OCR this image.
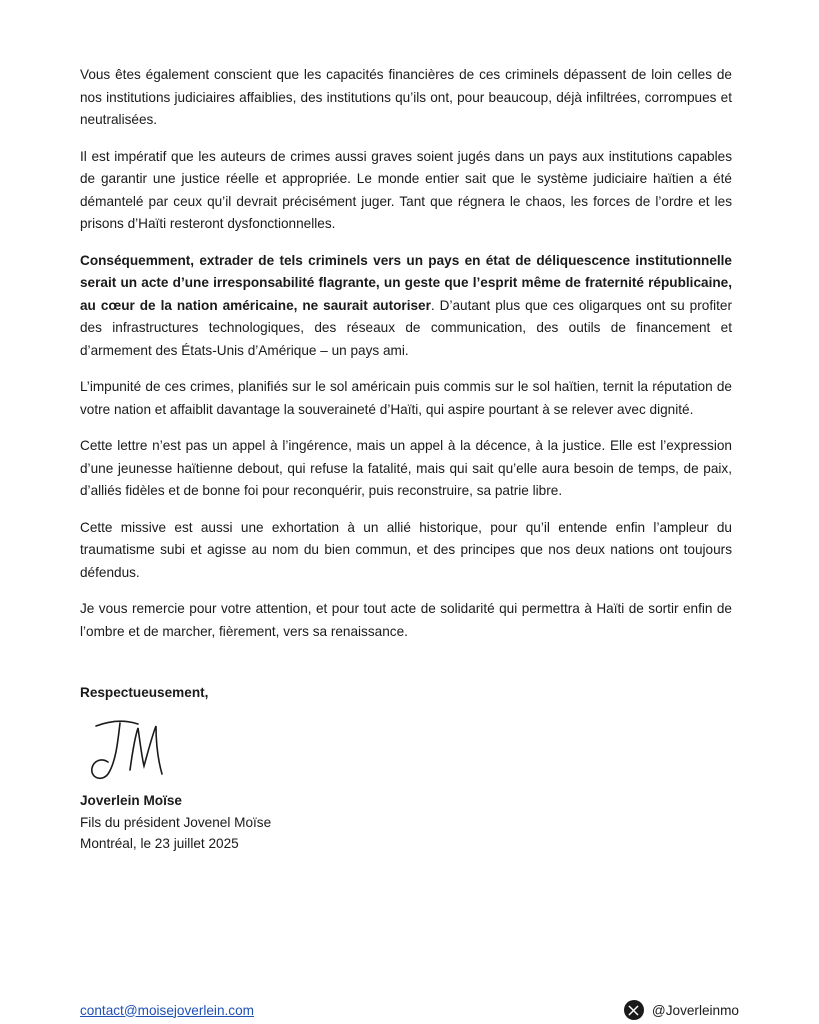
Vous êtes également conscient que les capacités financières de ces criminels dépassent de loin celles de nos institutions judiciaires affaiblies, des institutions qu’ils ont, pour beaucoup, déjà infiltrées, corrompues et neutralisées.

Il est impératif que les auteurs de crimes aussi graves soient jugés dans un pays aux institutions capables de garantir une justice réelle et appropriée. Le monde entier sait que le système judiciaire haïtien a été démantelé par ceux qu’il devrait précisément juger. Tant que régnera le chaos, les forces de l’ordre et les prisons d’Haïti resteront dysfonctionnelles.

Conséquemment, extrader de tels criminels vers un pays en état de déliquescence institutionnelle serait un acte d’une irresponsabilité flagrante, un geste que l’esprit même de fraternité républicaine, au cœur de la nation américaine, ne saurait autoriser. D’autant plus que ces oligarques ont su profiter des infrastructures technologiques, des réseaux de communication, des outils de financement et d’armement des États-Unis d’Amérique – un pays ami.

L’impunité de ces crimes, planifiés sur le sol américain puis commis sur le sol haïtien, ternit la réputation de votre nation et affaiblit davantage la souveraineté d’Haïti, qui aspire pourtant à se relever avec dignité.

Cette lettre n’est pas un appel à l’ingérence, mais un appel à la décence, à la justice. Elle est l’expression d’une jeunesse haïtienne debout, qui refuse la fatalité, mais qui sait qu’elle aura besoin de temps, de paix, d’alliés fidèles et de bonne foi pour reconquérir, puis reconstruire, sa patrie libre.

Cette missive est aussi une exhortation à un allié historique, pour qu’il entende enfin l’ampleur du traumatisme subi et agisse au nom du bien commun, et des principes que nos deux nations ont toujours défendus.

Je vous remercie pour votre attention, et pour tout acte de solidarité qui permettra à Haïti de sortir enfin de l’ombre et de marcher, fièrement, vers sa renaissance.

Respectueusement,

Joverlein Moïse

Fils du président Jovenel Moïse

Montréal, le 23 juillet 2025

contact@moisejoverlein.com	@Joverleinmo
